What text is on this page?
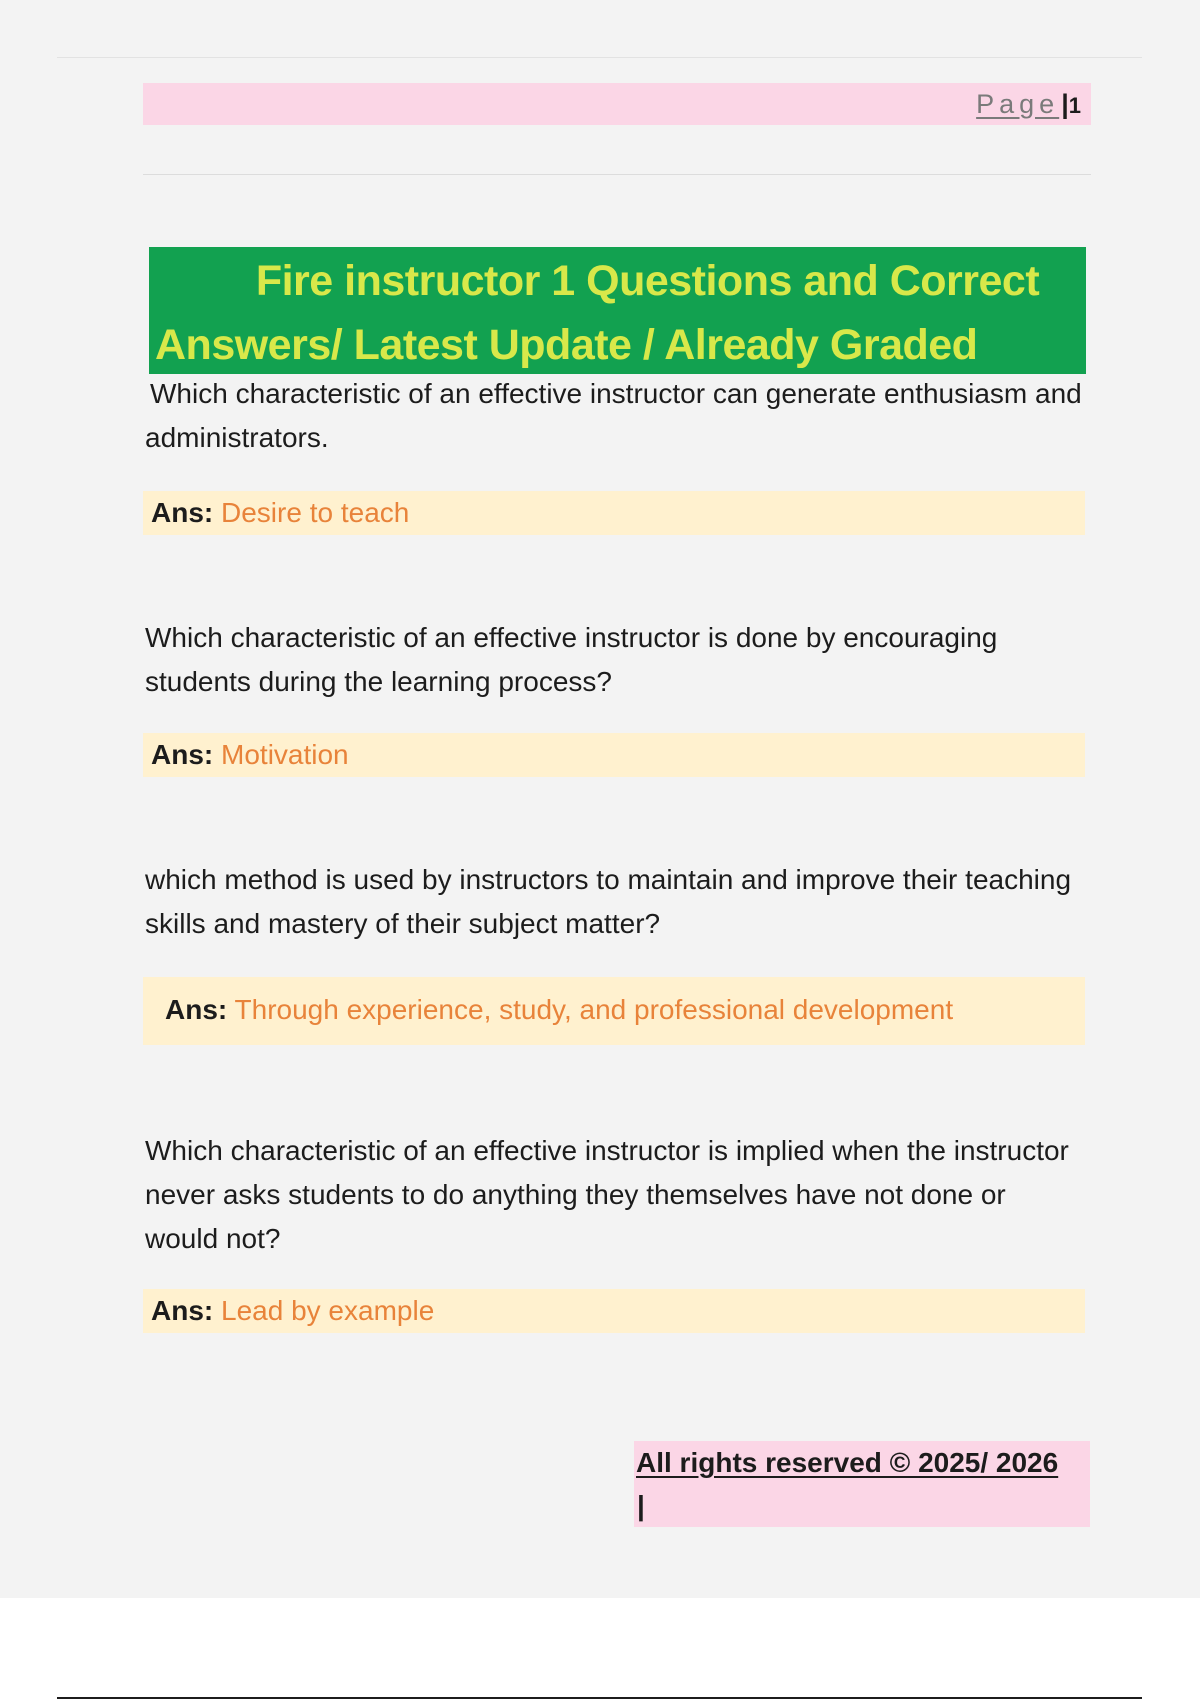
Page|1
Fire instructor 1 Questions and Correct Answers/ Latest Update / Already Graded

Which characteristic of an effective instructor can generate enthusiasm and administrators.

Ans: Desire to teach

Which characteristic of an effective instructor is done by encouraging students during the learning process?

Ans: Motivation

which method is used by instructors to maintain and improve their teaching skills and mastery of their subject matter?

Ans: Through experience, study, and professional development

Which characteristic of an effective instructor is implied when the instructor never asks students to do anything they themselves have not done or would not?

Ans: Lead by example
All rights reserved © 2025/ 2026
|
